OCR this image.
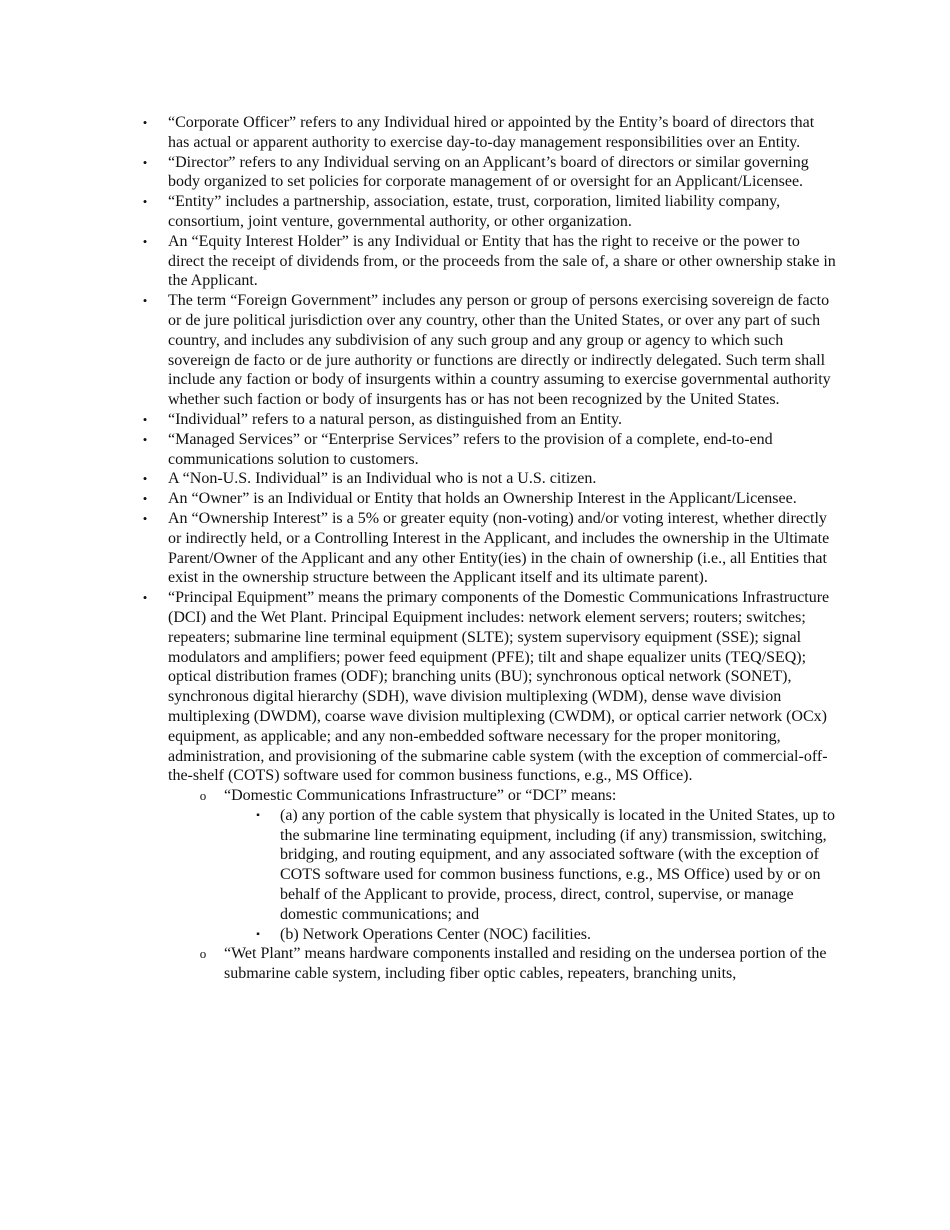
• “Corporate Officer” refers to any Individual hired or appointed by the Entity’s board of directors that has actual or apparent authority to exercise day-to-day management responsibilities over an Entity.
• “Director” refers to any Individual serving on an Applicant’s board of directors or similar governing body organized to set policies for corporate management of or oversight for an Applicant/Licensee.
• “Entity” includes a partnership, association, estate, trust, corporation, limited liability company, consortium, joint venture, governmental authority, or other organization.
• An “Equity Interest Holder” is any Individual or Entity that has the right to receive or the power to direct the receipt of dividends from, or the proceeds from the sale of, a share or other ownership stake in the Applicant.
• The term “Foreign Government” includes any person or group of persons exercising sovereign de facto or de jure political jurisdiction over any country, other than the United States, or over any part of such country, and includes any subdivision of any such group and any group or agency to which such sovereign de facto or de jure authority or functions are directly or indirectly delegated. Such term shall include any faction or body of insurgents within a country assuming to exercise governmental authority whether such faction or body of insurgents has or has not been recognized by the United States.
• “Individual” refers to a natural person, as distinguished from an Entity.
• “Managed Services” or “Enterprise Services” refers to the provision of a complete, end-to-end communications solution to customers.
• A “Non-U.S. Individual” is an Individual who is not a U.S. citizen.
• An “Owner” is an Individual or Entity that holds an Ownership Interest in the Applicant/Licensee.
• An “Ownership Interest” is a 5% or greater equity (non-voting) and/or voting interest, whether directly or indirectly held, or a Controlling Interest in the Applicant, and includes the ownership in the Ultimate Parent/Owner of the Applicant and any other Entity(ies) in the chain of ownership (i.e., all Entities that exist in the ownership structure between the Applicant itself and its ultimate parent).
• “Principal Equipment” means the primary components of the Domestic Communications Infrastructure (DCI) and the Wet Plant. Principal Equipment includes: network element servers; routers; switches; repeaters; submarine line terminal equipment (SLTE); system supervisory equipment (SSE); signal modulators and amplifiers; power feed equipment (PFE); tilt and shape equalizer units (TEQ/SEQ); optical distribution frames (ODF); branching units (BU); synchronous optical network (SONET), synchronous digital hierarchy (SDH), wave division multiplexing (WDM), dense wave division multiplexing (DWDM), coarse wave division multiplexing (CWDM), or optical carrier network (OCx) equipment, as applicable; and any non-embedded software necessary for the proper monitoring, administration, and provisioning of the submarine cable system (with the exception of commercial-off-the-shelf (COTS) software used for common business functions, e.g., MS Office).
o “Domestic Communications Infrastructure” or “DCI” means:
▪	(a) any portion of the cable system that physically is located in the United States, up to the submarine line terminating equipment, including (if any) transmission, switching, bridging, and routing equipment, and any associated software (with the exception of COTS software used for common business functions, e.g., MS Office) used by or on behalf of the Applicant to provide, process, direct, control, supervise, or manage domestic communications; and
▪	(b) Network Operations Center (NOC) facilities.
o “Wet Plant” means hardware components installed and residing on the undersea portion of the submarine cable system, including fiber optic cables, repeaters, branching units,
